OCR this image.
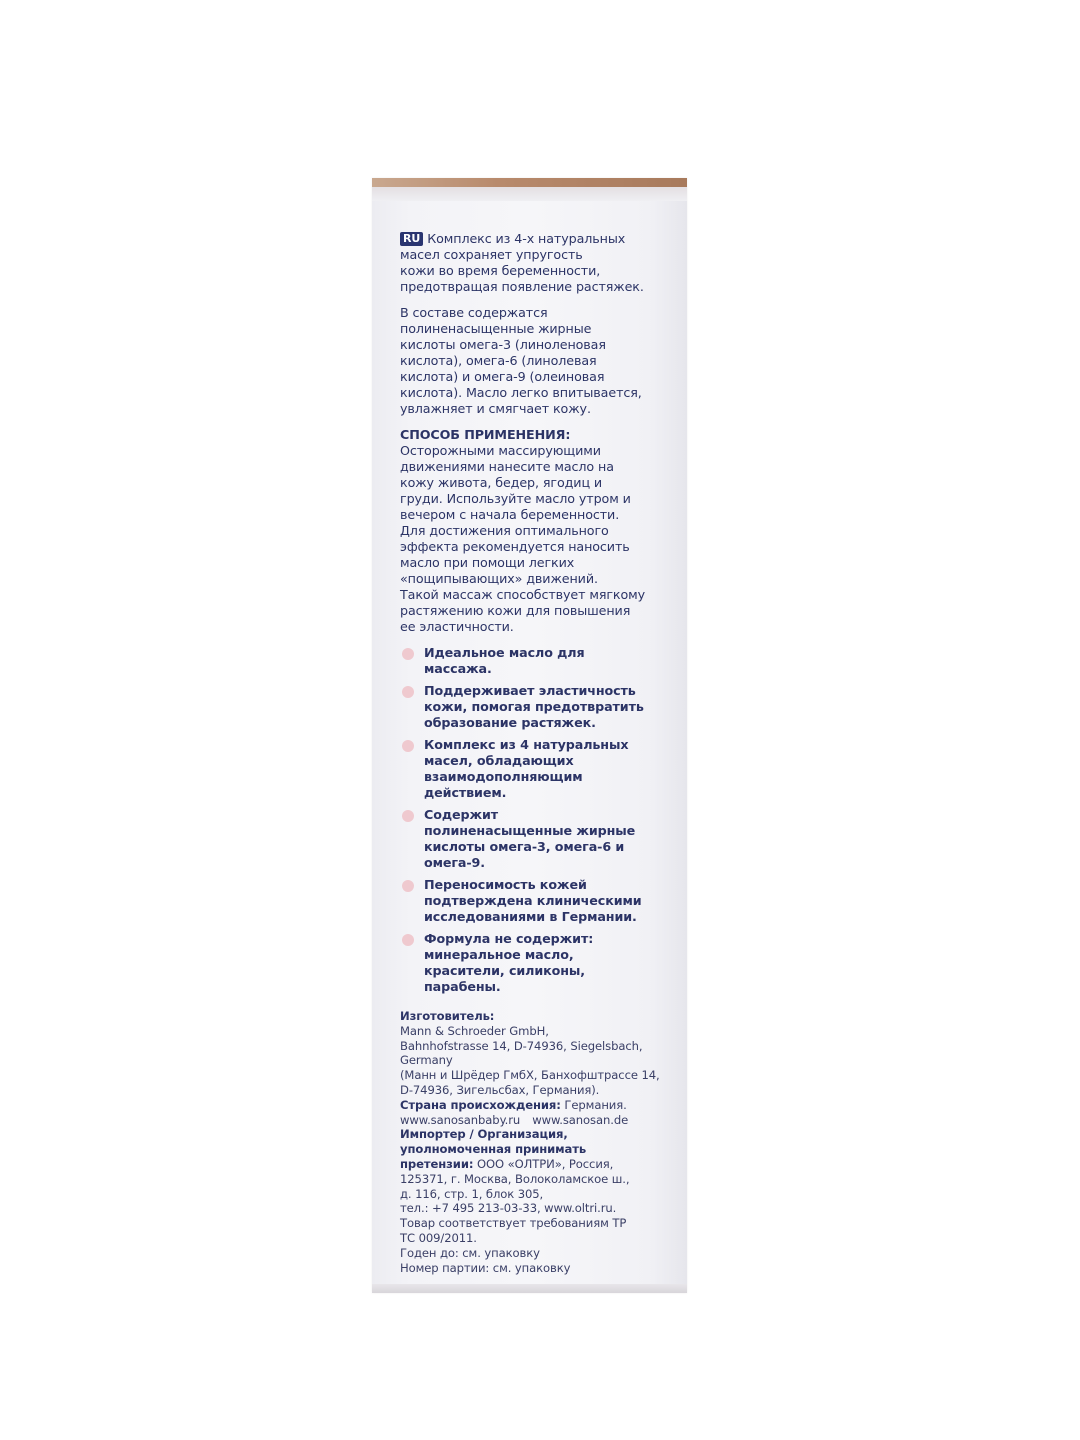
RU Комплекс из 4-х натуральных
масел сохраняет упругость
кожи во время беременности,
предотвращая появление растяжек.

В составе содержатся
полиненасыщенные жирные
кислоты омега-3 (линоленовая
кислота), омега-6 (линолевая
кислота) и омега-9 (олеиновая
кислота). Масло легко впитывается,
увлажняет и смягчает кожу.

СПОСОБ ПРИМЕНЕНИЯ:

Осторожными массирующими
движениями нанесите масло на
кожу живота, бедер, ягодиц и
груди. Используйте масло утром и
вечером с начала беременности.
Для достижения оптимального
эффекта рекомендуется наносить
масло при помощи легких
«пощипывающих» движений.
Такой массаж способствует мягкому
растяжению кожи для повышения
ее эластичности.

Идеальное масло для
массажа.
Поддерживает эластичность
кожи, помогая предотвратить
образование растяжек.
Комплекс из 4 натуральных
масел, обладающих
взаимодополняющим
действием.
Содержит
полиненасыщенные жирные
кислоты омега-3, омега-6 и
омега-9.
Переносимость кожей
подтверждена клиническими
исследованиями в Германии.
Формула не содержит:
минеральное масло,
красители, силиконы,
парабены.
Изготовитель:
Mann & Schroeder GmbH,
Bahnhofstrasse 14, D-74936, Siegelsbach,
Germany
(Манн и Шрёдер ГмбХ, Банхофштрассе 14,
D-74936, Зигельсбах, Германия).
Страна происхождения: Германия.
www.sanosanbaby.ru www.sanosan.de
Импортер / Организация,
уполномоченная принимать
претензии: ООО «ОЛТРИ», Россия,
125371, г. Москва, Волоколамское ш.,
д. 116, стр. 1, блок 305,
тел.: +7 495 213-03-33, www.oltri.ru.
Товар соответствует требованиям ТР
ТС 009/2011.
Годен до: см. упаковку
Номер партии: см. упаковку
